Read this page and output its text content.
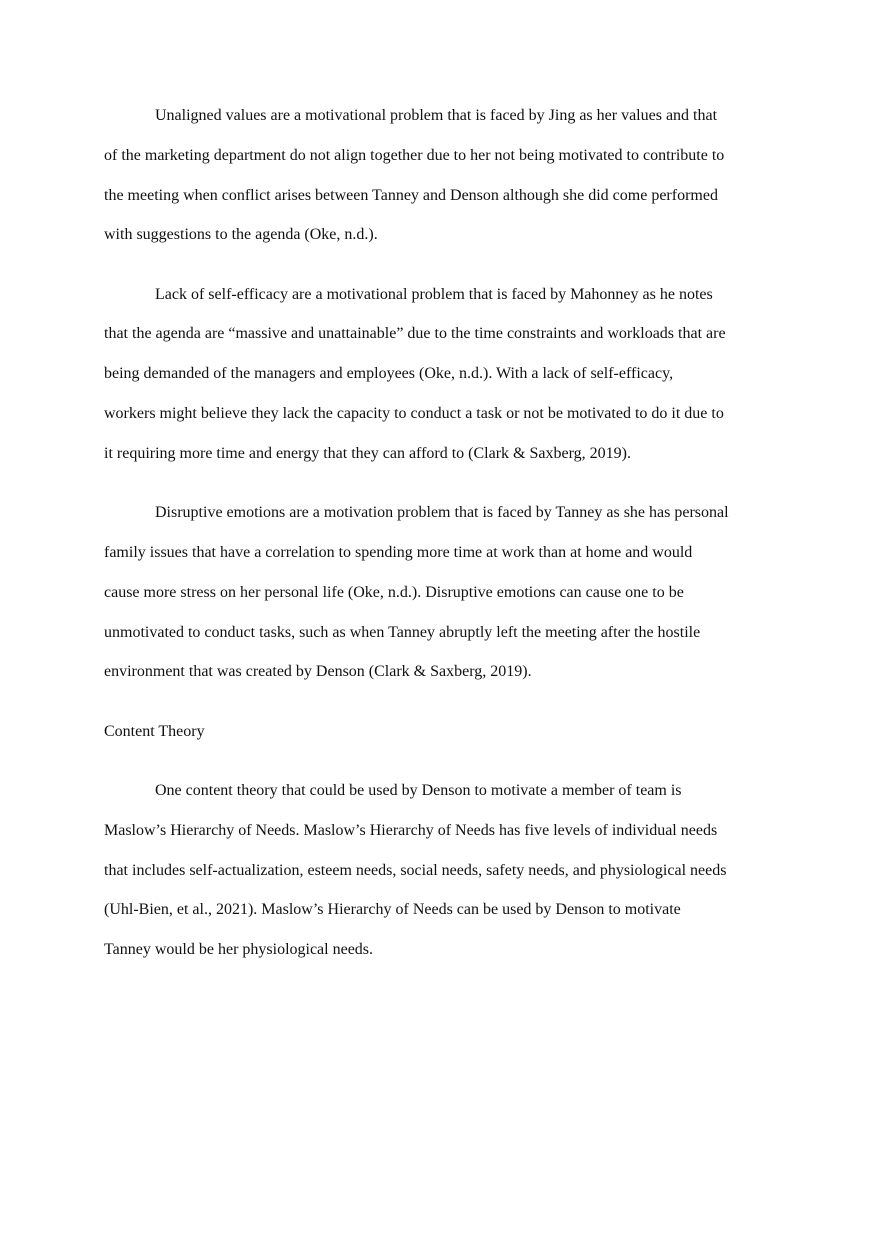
Unaligned values are a motivational problem that is faced by Jing as her values and that
of the marketing department do not align together due to her not being motivated to contribute to
the meeting when conflict arises between Tanney and Denson although she did come performed
with suggestions to the agenda (Oke, n.d.).

Lack of self-efficacy are a motivational problem that is faced by Mahonney as he notes
that the agenda are “massive and unattainable” due to the time constraints and workloads that are
being demanded of the managers and employees (Oke, n.d.). With a lack of self-efficacy,
workers might believe they lack the capacity to conduct a task or not be motivated to do it due to
it requiring more time and energy that they can afford to (Clark & Saxberg, 2019).

Disruptive emotions are a motivation problem that is faced by Tanney as she has personal
family issues that have a correlation to spending more time at work than at home and would
cause more stress on her personal life (Oke, n.d.). Disruptive emotions can cause one to be
unmotivated to conduct tasks, such as when Tanney abruptly left the meeting after the hostile
environment that was created by Denson (Clark & Saxberg, 2019).

Content Theory

One content theory that could be used by Denson to motivate a member of team is
Maslow’s Hierarchy of Needs. Maslow’s Hierarchy of Needs has five levels of individual needs
that includes self-actualization, esteem needs, social needs, safety needs, and physiological needs
(Uhl-Bien, et al., 2021). Maslow’s Hierarchy of Needs can be used by Denson to motivate
Tanney would be her physiological needs.
